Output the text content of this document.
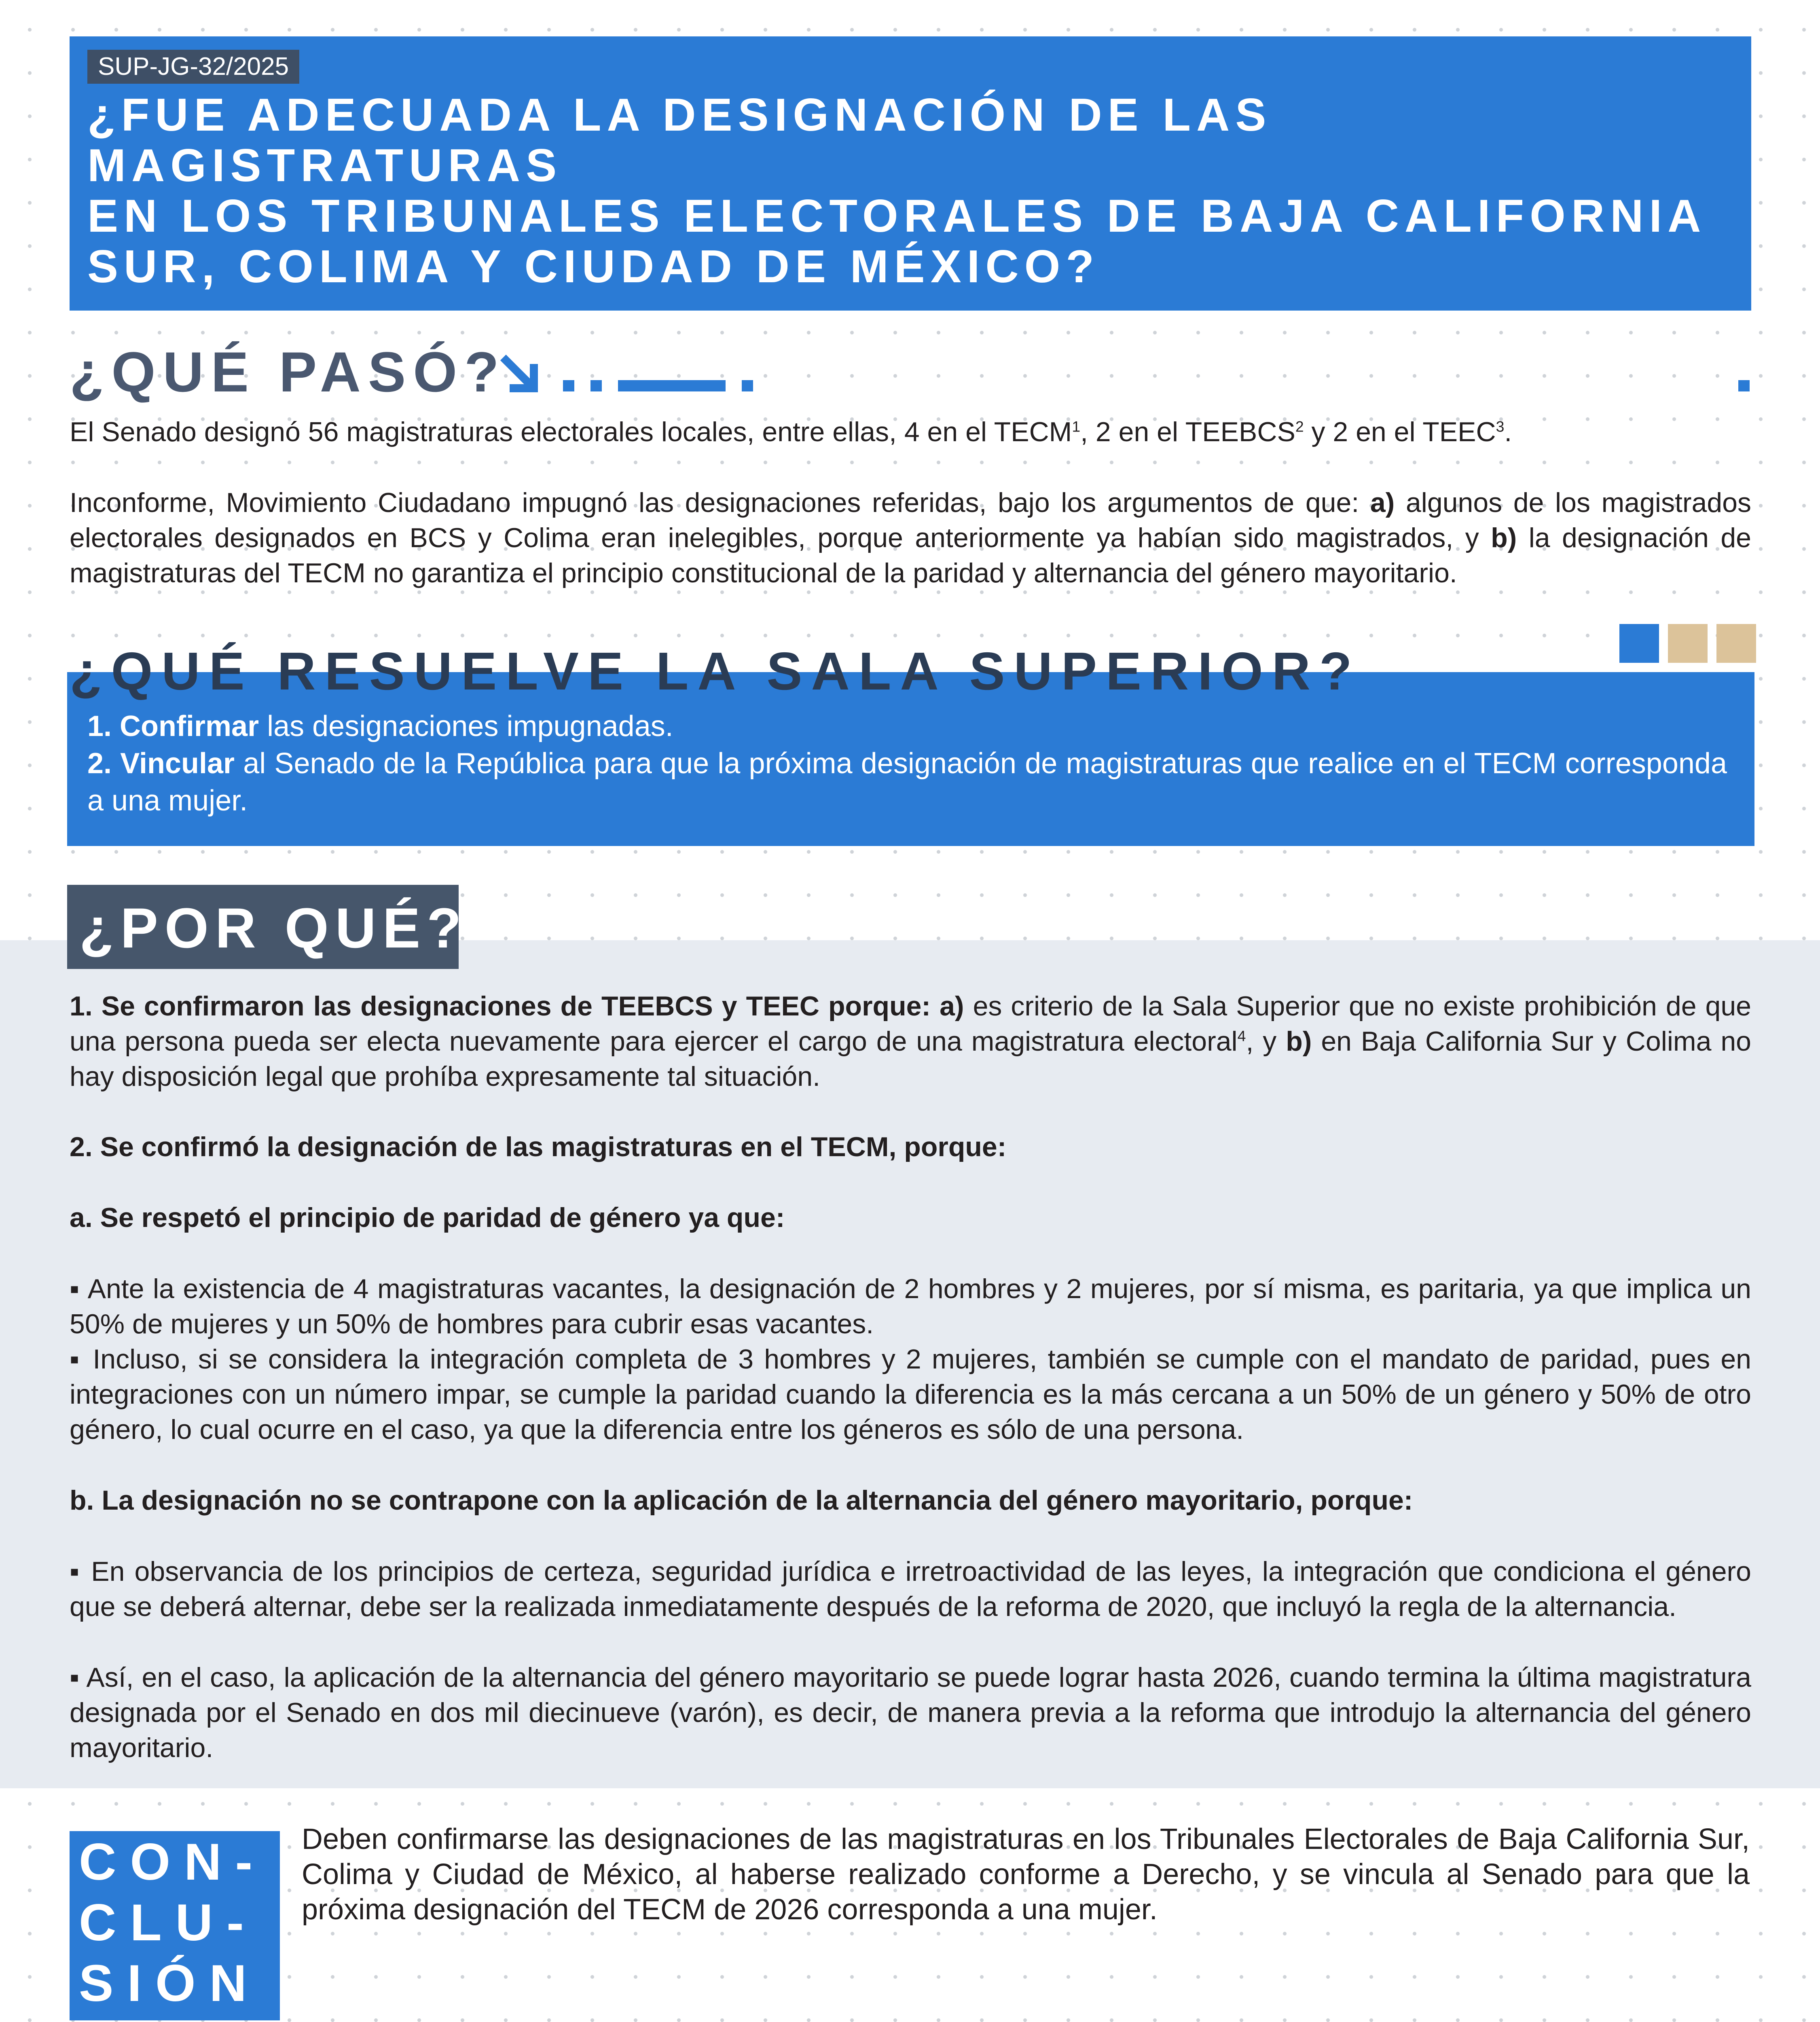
SUP-JG-32/2025
¿FUE ADECUADA LA DESIGNACIÓN DE LAS MAGISTRATURAS
EN LOS TRIBUNALES ELECTORALES DE BAJA CALIFORNIA
SUR, COLIMA Y CIUDAD DE MÉXICO?
¿QUÉ PASÓ?
El Senado designó 56 magistraturas electorales locales, entre ellas, 4 en el TECM$^1$, 2 en el TEEBCS$^2$ y 2 en el TEEC$^3$.
Inconforme, Movimiento Ciudadano impugnó las designaciones referidas, bajo los argumentos de que: a) algunos de los magistrados electorales designados en BCS y Colima eran inelegibles, porque anteriormente ya habían sido magistrados, y b) la designación de magistraturas del TECM no garantiza el principio constitucional de la paridad y alternancia del género mayoritario.
¿QUÉ RESUELVE LA SALA SUPERIOR?
1. Confirmar las designaciones impugnadas.
2. Vincular al Senado de la República para que la próxima designación de magistraturas que realice en el TECM corresponda a una mujer.
¿POR QUÉ?
1. Se confirmaron las designaciones de TEEBCS y TEEC porque: a) es criterio de la Sala Superior que no existe prohibición de que una persona pueda ser electa nuevamente para ejercer el cargo de una magistratura electoral$^4$, y b) en Baja California Sur y Colima no hay disposición legal que prohíba expresamente tal situación.
2. Se confirmó la designación de las magistraturas en el TECM, porque:
a. Se respetó el principio de paridad de género ya que:
▪ Ante la existencia de 4 magistraturas vacantes, la designación de 2 hombres y 2 mujeres, por sí misma, es paritaria, ya que implica un 50% de mujeres y un 50% de hombres para cubrir esas vacantes.
▪ Incluso, si se considera la integración completa de 3 hombres y 2 mujeres, también se cumple con el mandato de paridad, pues en integraciones con un número impar, se cumple la paridad cuando la diferencia es la más cercana a un 50% de un género y 50% de otro género, lo cual ocurre en el caso, ya que la diferencia entre los géneros es sólo de una persona.
b. La designación no se contrapone con la aplicación de la alternancia del género mayoritario, porque:
▪ En observancia de los principios de certeza, seguridad jurídica e irretroactividad de las leyes, la integración que condiciona el género que se deberá alternar, debe ser la realizada inmediatamente después de la reforma de 2020, que incluyó la regla de la alternancia.
▪ Así, en el caso, la aplicación de la alternancia del género mayoritario se puede lograr hasta 2026, cuando termina la última magistratura designada por el Senado en dos mil diecinueve (varón), es decir, de manera previa a la reforma que introdujo la alternancia del género mayoritario.
CON-
CLU-
SIÓN
Deben confirmarse las designaciones de las magistraturas en los Tribunales Electorales de Baja California Sur, Colima y Ciudad de México, al haberse realizado conforme a Derecho, y se vincula al Senado para que la próxima designación del TECM de 2026 corresponda a una mujer.
